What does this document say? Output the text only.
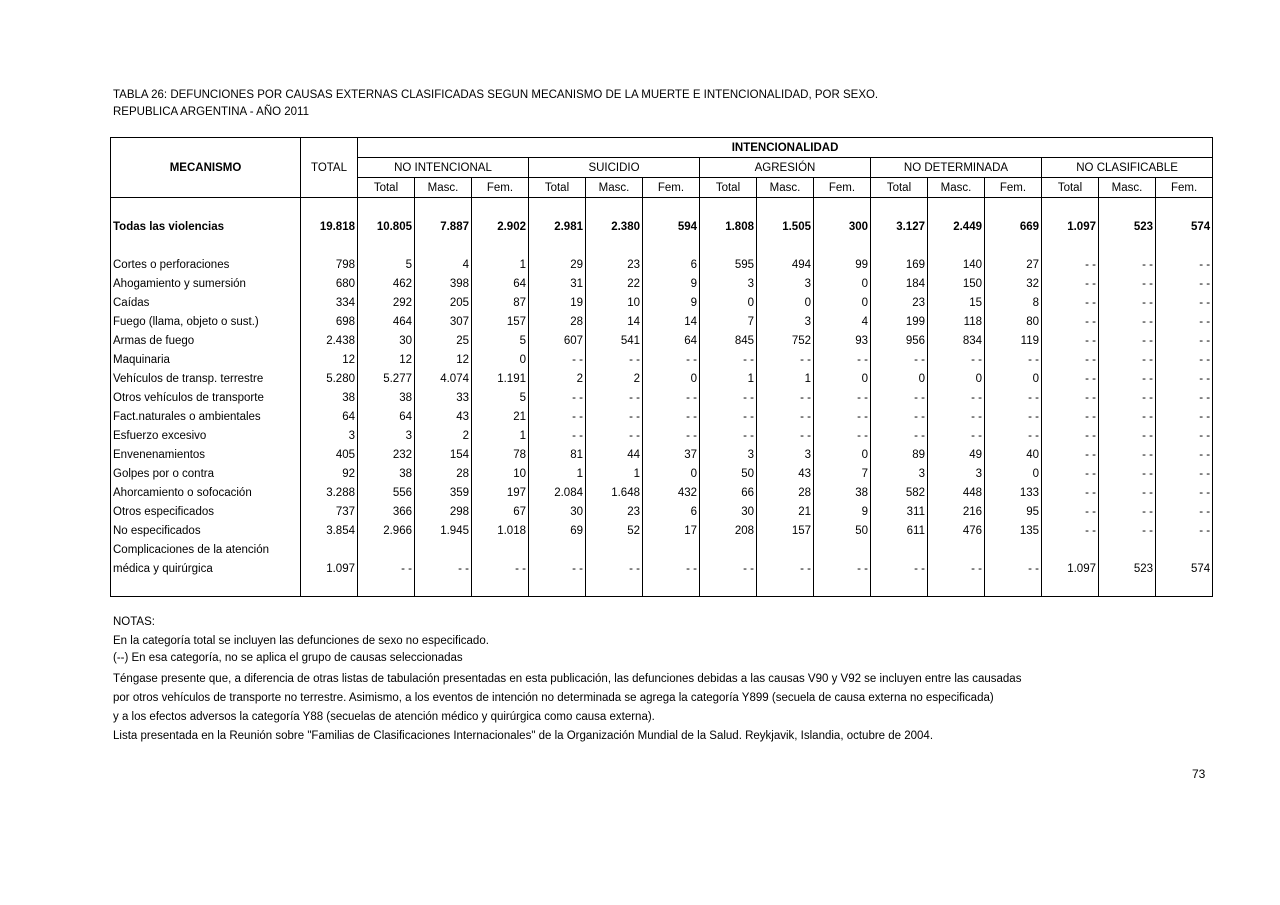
TABLA 26: DEFUNCIONES POR CAUSAS EXTERNAS CLASIFICADAS SEGUN MECANISMO DE LA MUERTE E INTENCIONALIDAD, POR SEXO.
REPUBLICA ARGENTINA - AÑO 2011
MECANISMO	TOTAL	INTENCIONALIDAD														
		NO INTENCIONAL			SUICIDIO			AGRESIÓN			NO DETERMINADA			NO CLASIFICABLE		
		Total	Masc.	Fem.	Total	Masc.	Fem.	Total	Masc.	Fem.	Total	Masc.	Fem.	Total	Masc.	Fem.

Todas las violencias	19.818	10.805	7.887	2.902	2.981	2.380	594	1.808	1.505	300	3.127	2.449	669	1.097	523	574

Cortes o perforaciones	798	5	4	1	29	23	6	595	494	99	169	140	27	- -	- -	- -
Ahogamiento y sumersión	680	462	398	64	31	22	9	3	3	0	184	150	32	- -	- -	- -
Caídas	334	292	205	87	19	10	9	0	0	0	23	15	8	- -	- -	- -
Fuego (llama, objeto o sust.)	698	464	307	157	28	14	14	7	3	4	199	118	80	- -	- -	- -
Armas de fuego	2.438	30	25	5	607	541	64	845	752	93	956	834	119	- -	- -	- -
Maquinaria	12	12	12	0	- -	- -	- -	- -	- -	- -	- -	- -	- -	- -	- -	- -
Vehículos de transp. terrestre	5.280	5.277	4.074	1.191	2	2	0	1	1	0	0	0	0	- -	- -	- -
Otros vehículos de transporte	38	38	33	5	- -	- -	- -	- -	- -	- -	- -	- -	- -	- -	- -	- -
Fact.naturales o ambientales	64	64	43	21	- -	- -	- -	- -	- -	- -	- -	- -	- -	- -	- -	- -
Esfuerzo excesivo	3	3	2	1	- -	- -	- -	- -	- -	- -	- -	- -	- -	- -	- -	- -
Envenenamientos	405	232	154	78	81	44	37	3	3	0	89	49	40	- -	- -	- -
Golpes por o contra	92	38	28	10	1	1	0	50	43	7	3	3	0	- -	- -	- -
Ahorcamiento o sofocación	3.288	556	359	197	2.084	1.648	432	66	28	38	582	448	133	- -	- -	- -
Otros especificados	737	366	298	67	30	23	6	30	21	9	311	216	95	- -	- -	- -
No especificados	3.854	2.966	1.945	1.018	69	52	17	208	157	50	611	476	135	- -	- -	- -
Complicaciones de la atención																
médica y quirúrgica	1.097	- -	- -	- -	- -	- -	- -	- -	- -	- -	- -	- -	- -	1.097	523	574

NOTAS:
En la categoría total se incluyen las defunciones de sexo no especificado.
(--) En esa categoría, no se aplica el grupo de causas seleccionadas
Téngase presente que, a diferencia de otras listas de tabulación presentadas en esta publicación, las defunciones debidas a las causas V90 y V92 se incluyen entre las causadas
por otros vehículos de transporte no terrestre. Asimismo, a los eventos de intención no determinada se agrega la categoría Y899 (secuela de causa externa no especificada)
y a los efectos adversos la categoría Y88 (secuelas de atención médico y quirúrgica como causa externa).
Lista presentada en la Reunión sobre "Familias de Clasificaciones Internacionales" de la Organización Mundial de la Salud. Reykjavik, Islandia, octubre de 2004.
73
